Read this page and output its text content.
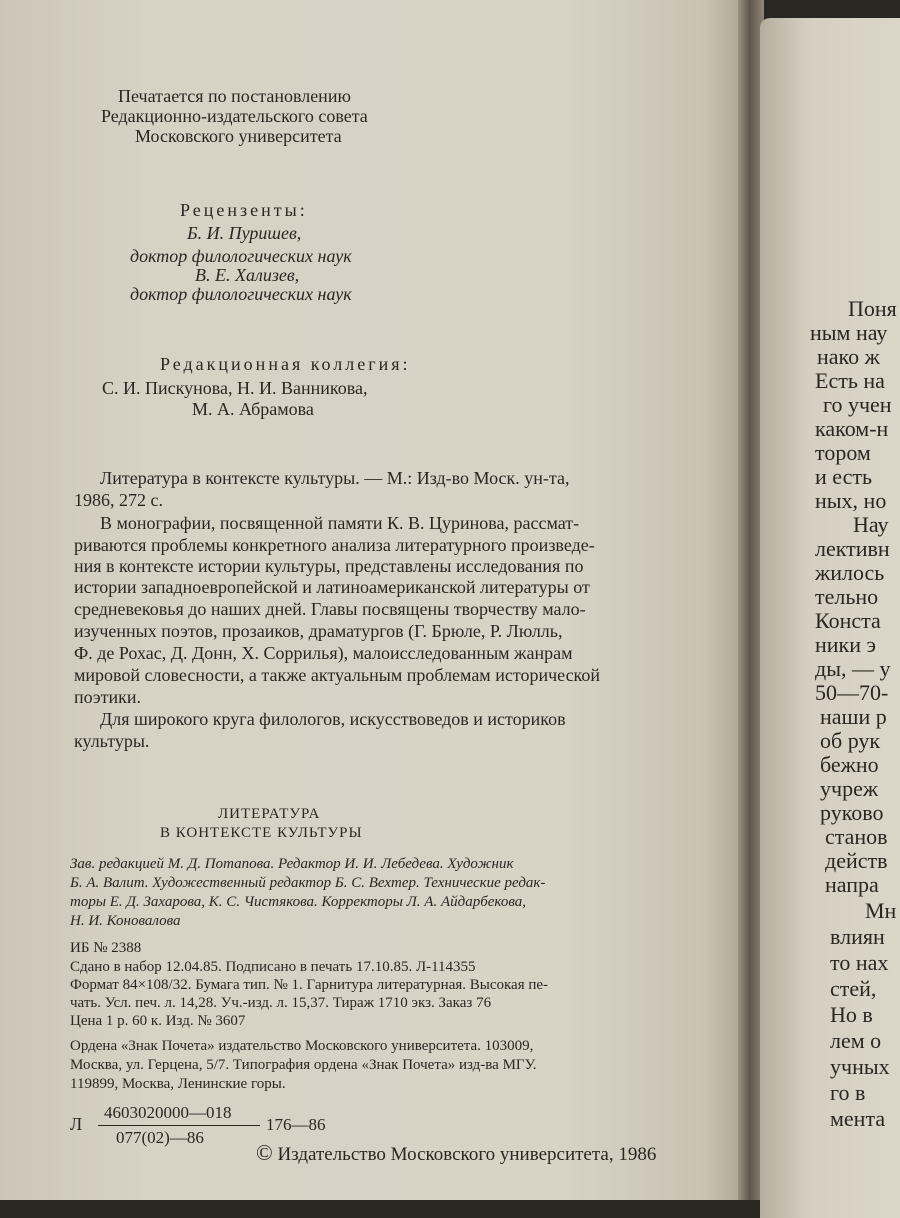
Печатается по постановлению
Редакционно-издательского совета
Московского университета
Рецензенты:
Б. И. Пуришев,
доктор филологических наук
В. Е. Хализев,
доктор филологических наук
Редакционная коллегия:
С. И. Пискунова, Н. И. Ванникова,
М. А. Абрамова
Литература в контексте культуры. — М.: Изд-во Моск. ун-та,
1986, 272 с.
В монографии, посвященной памяти К. В. Цуринова, рассмат-
риваются проблемы конкретного анализа литературного произведе-
ния в контексте истории культуры, представлены исследования по
истории западноевропейской и латиноамериканской литературы от
средневековья до наших дней. Главы посвящены творчеству мало-
изученных поэтов, прозаиков, драматургов (Г. Брюле, Р. Люлль,
Ф. де Рохас, Д. Донн, Х. Соррилья), малоисследованным жанрам
мировой словесности, а также актуальным проблемам исторической
поэтики.
Для широкого круга филологов, искусствоведов и историков
культуры.
ЛИТЕРАТУРА
В КОНТЕКСТЕ КУЛЬТУРЫ
Зав. редакцией М. Д. Потапова. Редактор И. И. Лебедева. Художник
Б. А. Валит. Художественный редактор Б. С. Вехтер. Технические редак-
торы Е. Д. Захарова, К. С. Чистякова. Корректоры Л. А. Айдарбекова,
Н. И. Коновалова
ИБ № 2388
Сдано в набор 12.04.85. Подписано в печать 17.10.85. Л-114355
Формат 84×108/32. Бумага тип. № 1. Гарнитура литературная. Высокая пе-
чать. Усл. печ. л. 14,28. Уч.-изд. л. 15,37. Тираж 1710 экз. Заказ 76
Цена 1 р. 60 к. Изд. № 3607
Ордена «Знак Почета» издательство Московского университета. 103009,
Москва, ул. Герцена, 5/7. Типография ордена «Знак Почета» изд-ва МГУ.
119899, Москва, Ленинские горы.
Л
4603020000—018
077(02)—86
176—86
© Издательство Московского университета, 1986
Поня
ным нау
нако ж
Есть на
го учен
каком-н
тором
и есть
ных, но
Нау
лективн
жилось
тельно
Конста
ники э
ды, — у
50—70-
наши р
об рук
бежно
учреж
руково
станов
действ
напра
Мн
влиян
то нах
стей,
Но в
лем о
учных
го в
мента
